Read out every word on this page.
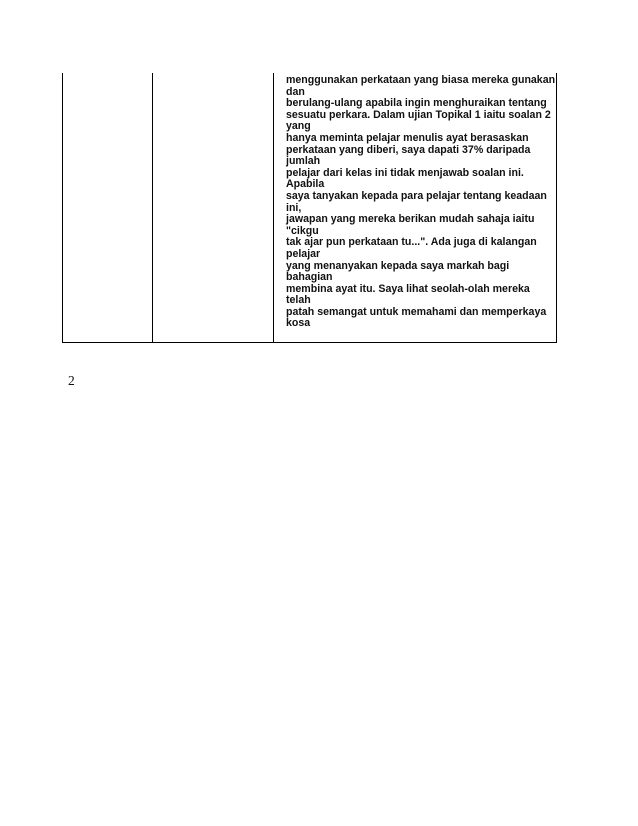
menggunakan perkataan yang biasa mereka gunakan
dan
berulang-ulang apabila ingin menghuraikan tentang
sesuatu perkara. Dalam ujian Topikal 1 iaitu soalan 2
yang
hanya meminta pelajar menulis ayat berasaskan
perkataan yang diberi, saya dapati 37% daripada
jumlah
pelajar dari kelas ini tidak menjawab soalan ini.
Apabila
saya tanyakan kepada para pelajar tentang keadaan
ini,
jawapan yang mereka berikan mudah sahaja iaitu
"cikgu
tak ajar pun perkataan tu...". Ada juga di kalangan
pelajar
yang menanyakan kepada saya markah bagi
bahagian
membina ayat itu. Saya lihat seolah-olah mereka
telah
patah semangat untuk memahami dan memperkaya
kosa
2
